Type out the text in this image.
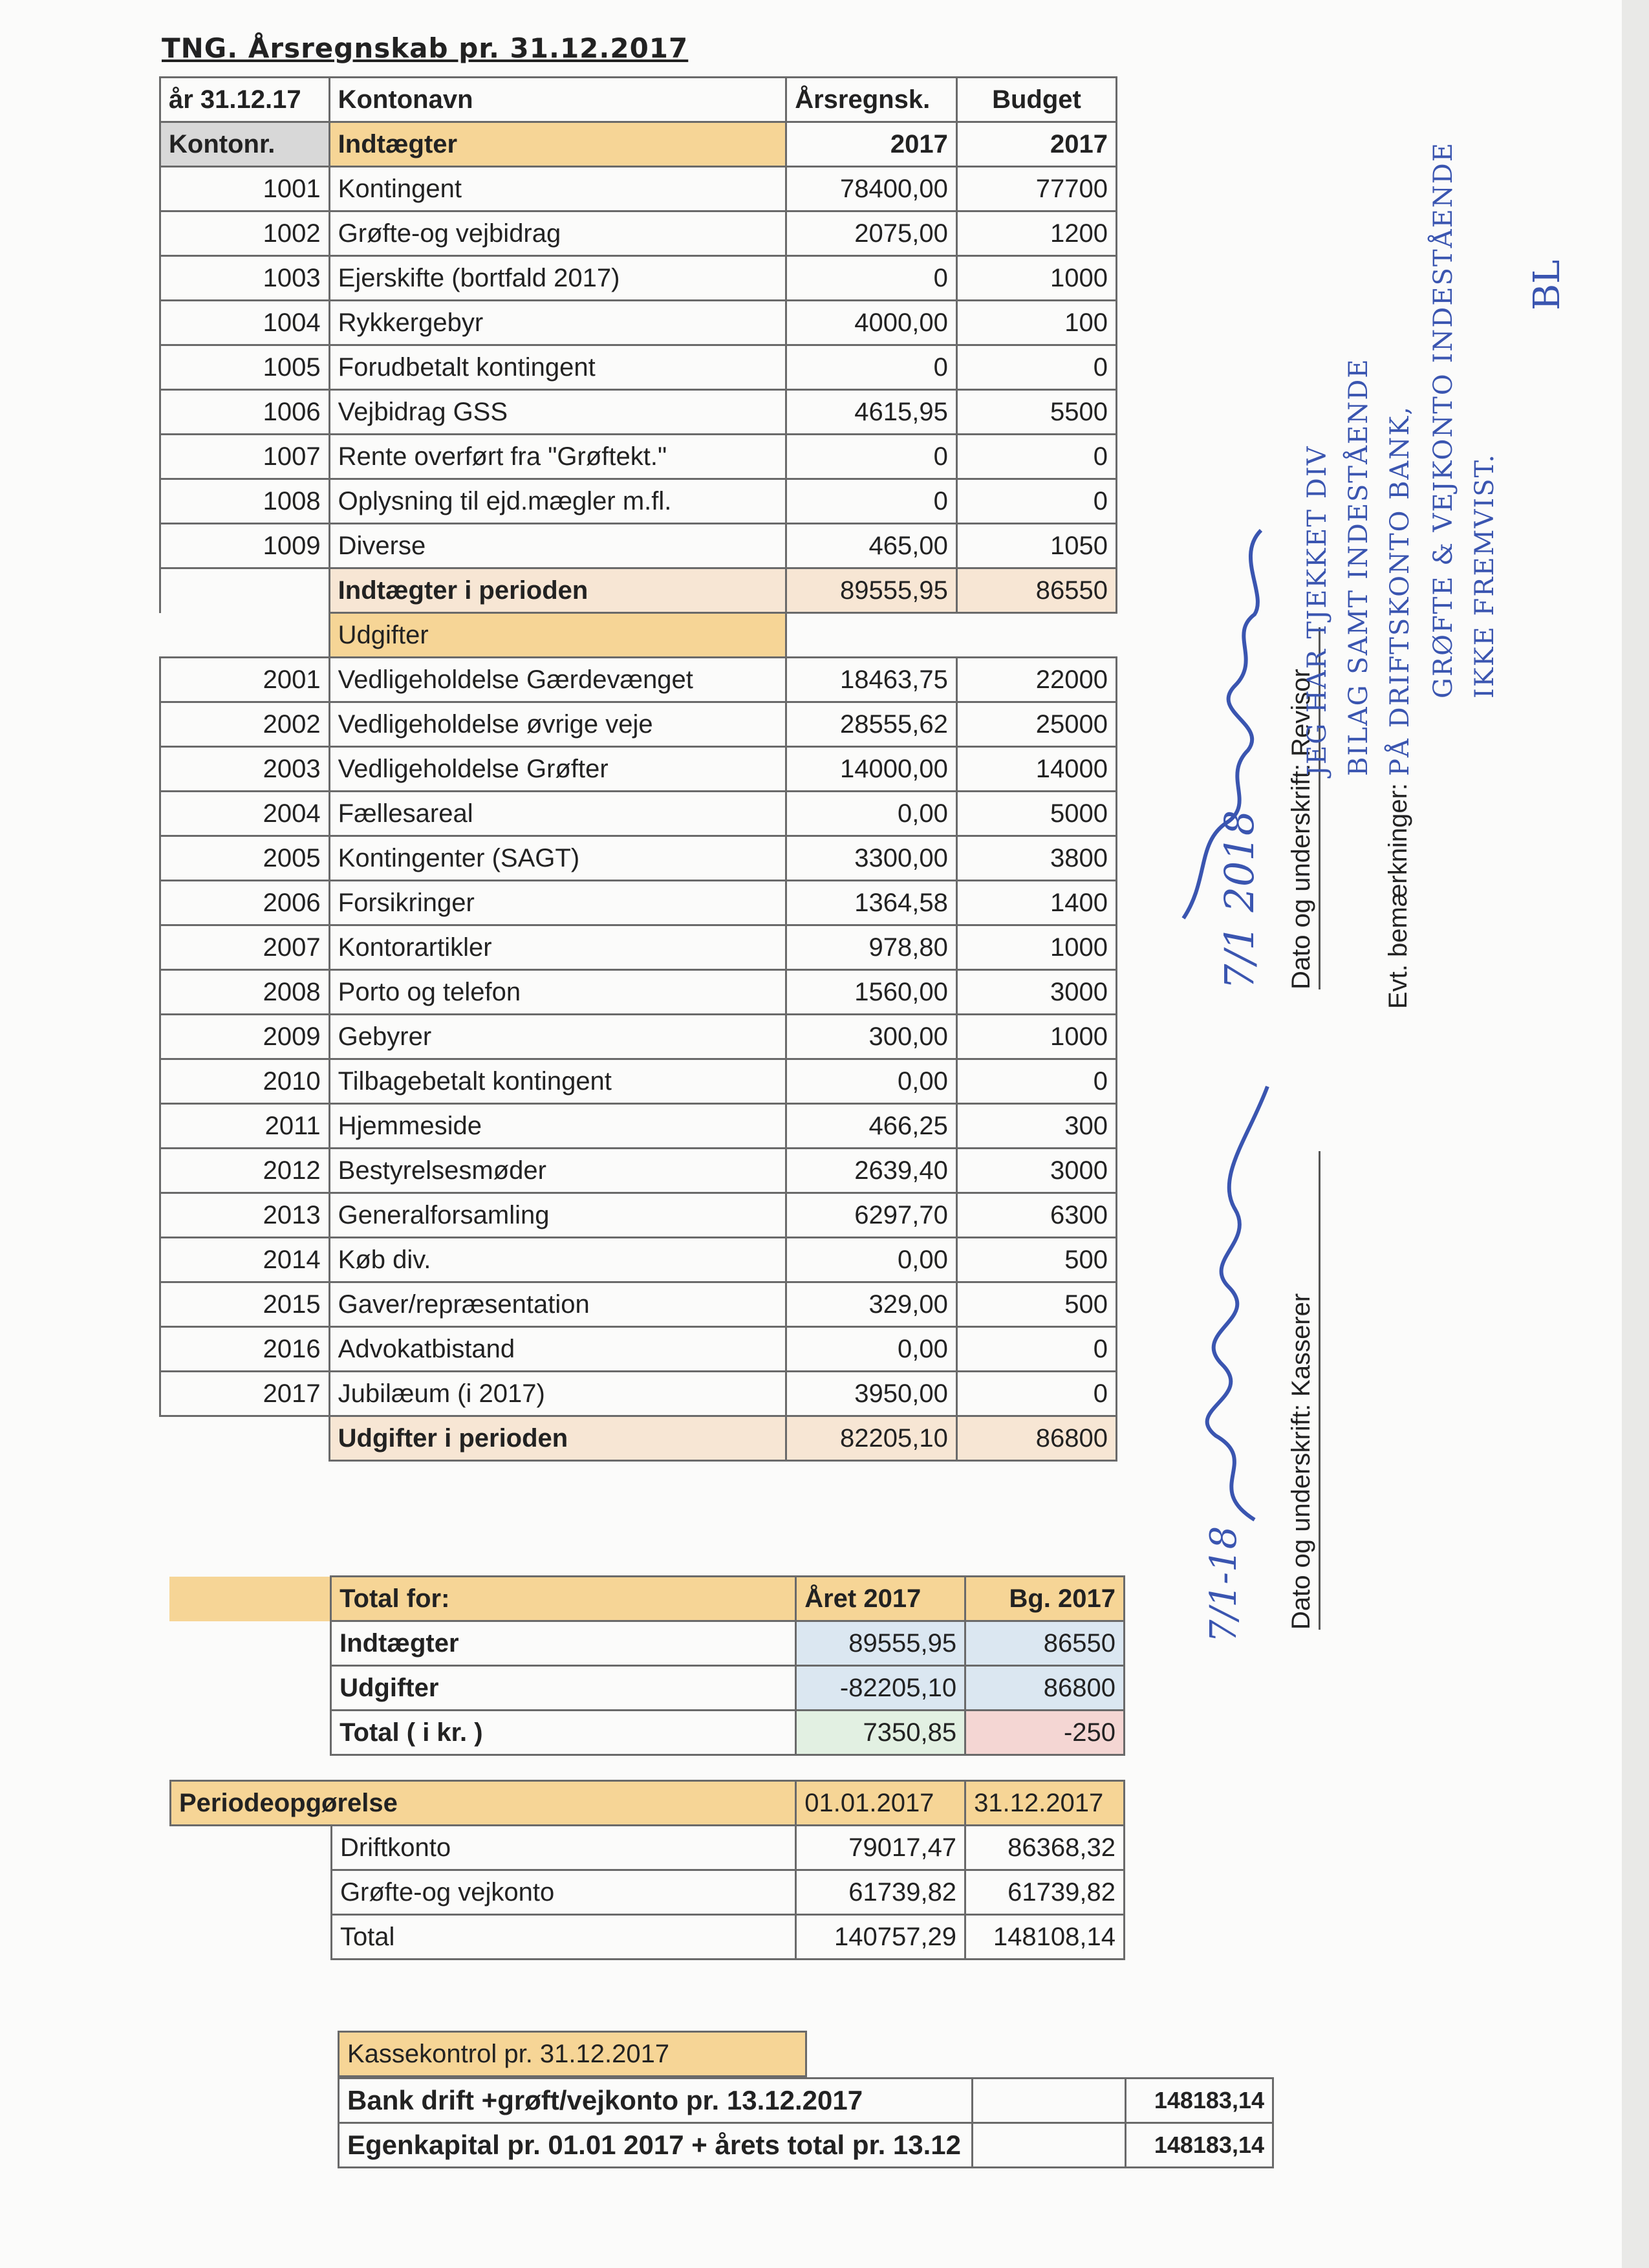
TNG. Årsregnskab pr. 31.12.2017
år 31.12.17	Kontonavn	Årsregnsk.	Budget
Kontonr.	Indtægter	2017	2017
1001	Kontingent	78400,00	77700
1002	Grøfte-og vejbidrag	2075,00	1200
1003	Ejerskifte (bortfald 2017)	0	1000
1004	Rykkergebyr	4000,00	100
1005	Forudbetalt kontingent	0	0
1006	Vejbidrag GSS	4615,95	5500
1007	Rente overført fra "Grøftekt."	0	0
1008	Oplysning til ejd.mægler m.fl.	0	0
1009	Diverse	465,00	1050
	Indtægter i perioden	89555,95	86550
	Udgifter		
2001	Vedligeholdelse Gærdevænget	18463,75	22000
2002	Vedligeholdelse øvrige veje	28555,62	25000
2003	Vedligeholdelse Grøfter	14000,00	14000
2004	Fællesareal	0,00	5000
2005	Kontingenter (SAGT)	3300,00	3800
2006	Forsikringer	1364,58	1400
2007	Kontorartikler	978,80	1000
2008	Porto og telefon	1560,00	3000
2009	Gebyrer	300,00	1000
2010	Tilbagebetalt kontingent	0,00	0
2011	Hjemmeside	466,25	300
2012	Bestyrelsesmøder	2639,40	3000
2013	Generalforsamling	6297,70	6300
2014	Køb div.	0,00	500
2015	Gaver/repræsentation	329,00	500
2016	Advokatbistand	0,00	0
2017	Jubilæum (i 2017)	3950,00	0
	Udgifter i perioden	82205,10	86800
	Total for:	Året 2017	Bg. 2017
	Indtægter	89555,95	86550
	Udgifter	-82205,10	86800
	Total ( i kr. )	7350,85	-250
Periodeopgørelse		01.01.2017	31.12.2017
	Driftkonto	79017,47	86368,32
	Grøfte-og vejkonto	61739,82	61739,82
	Total	140757,29	148108,14
Kassekontrol pr. 31.12.2017
Bank drift +grøft/vejkonto pr. 13.12.2017		148183,14
Egenkapital pr. 01.01 2017 + årets total pr. 13.12		148183,14
Dato og underskrift: Revisor
7/1 2018
Dato og underskrift: Kasserer
7/1-18
Evt. bemærkninger:
JEG HAR TJEKKET DIV BILAG SAMT INDESTÅENDE PÅ DRIFTSKONTO BANK, GRØFTE & VEJKONTO INDESTÅENDE IKKE FREMVIST.
BL
